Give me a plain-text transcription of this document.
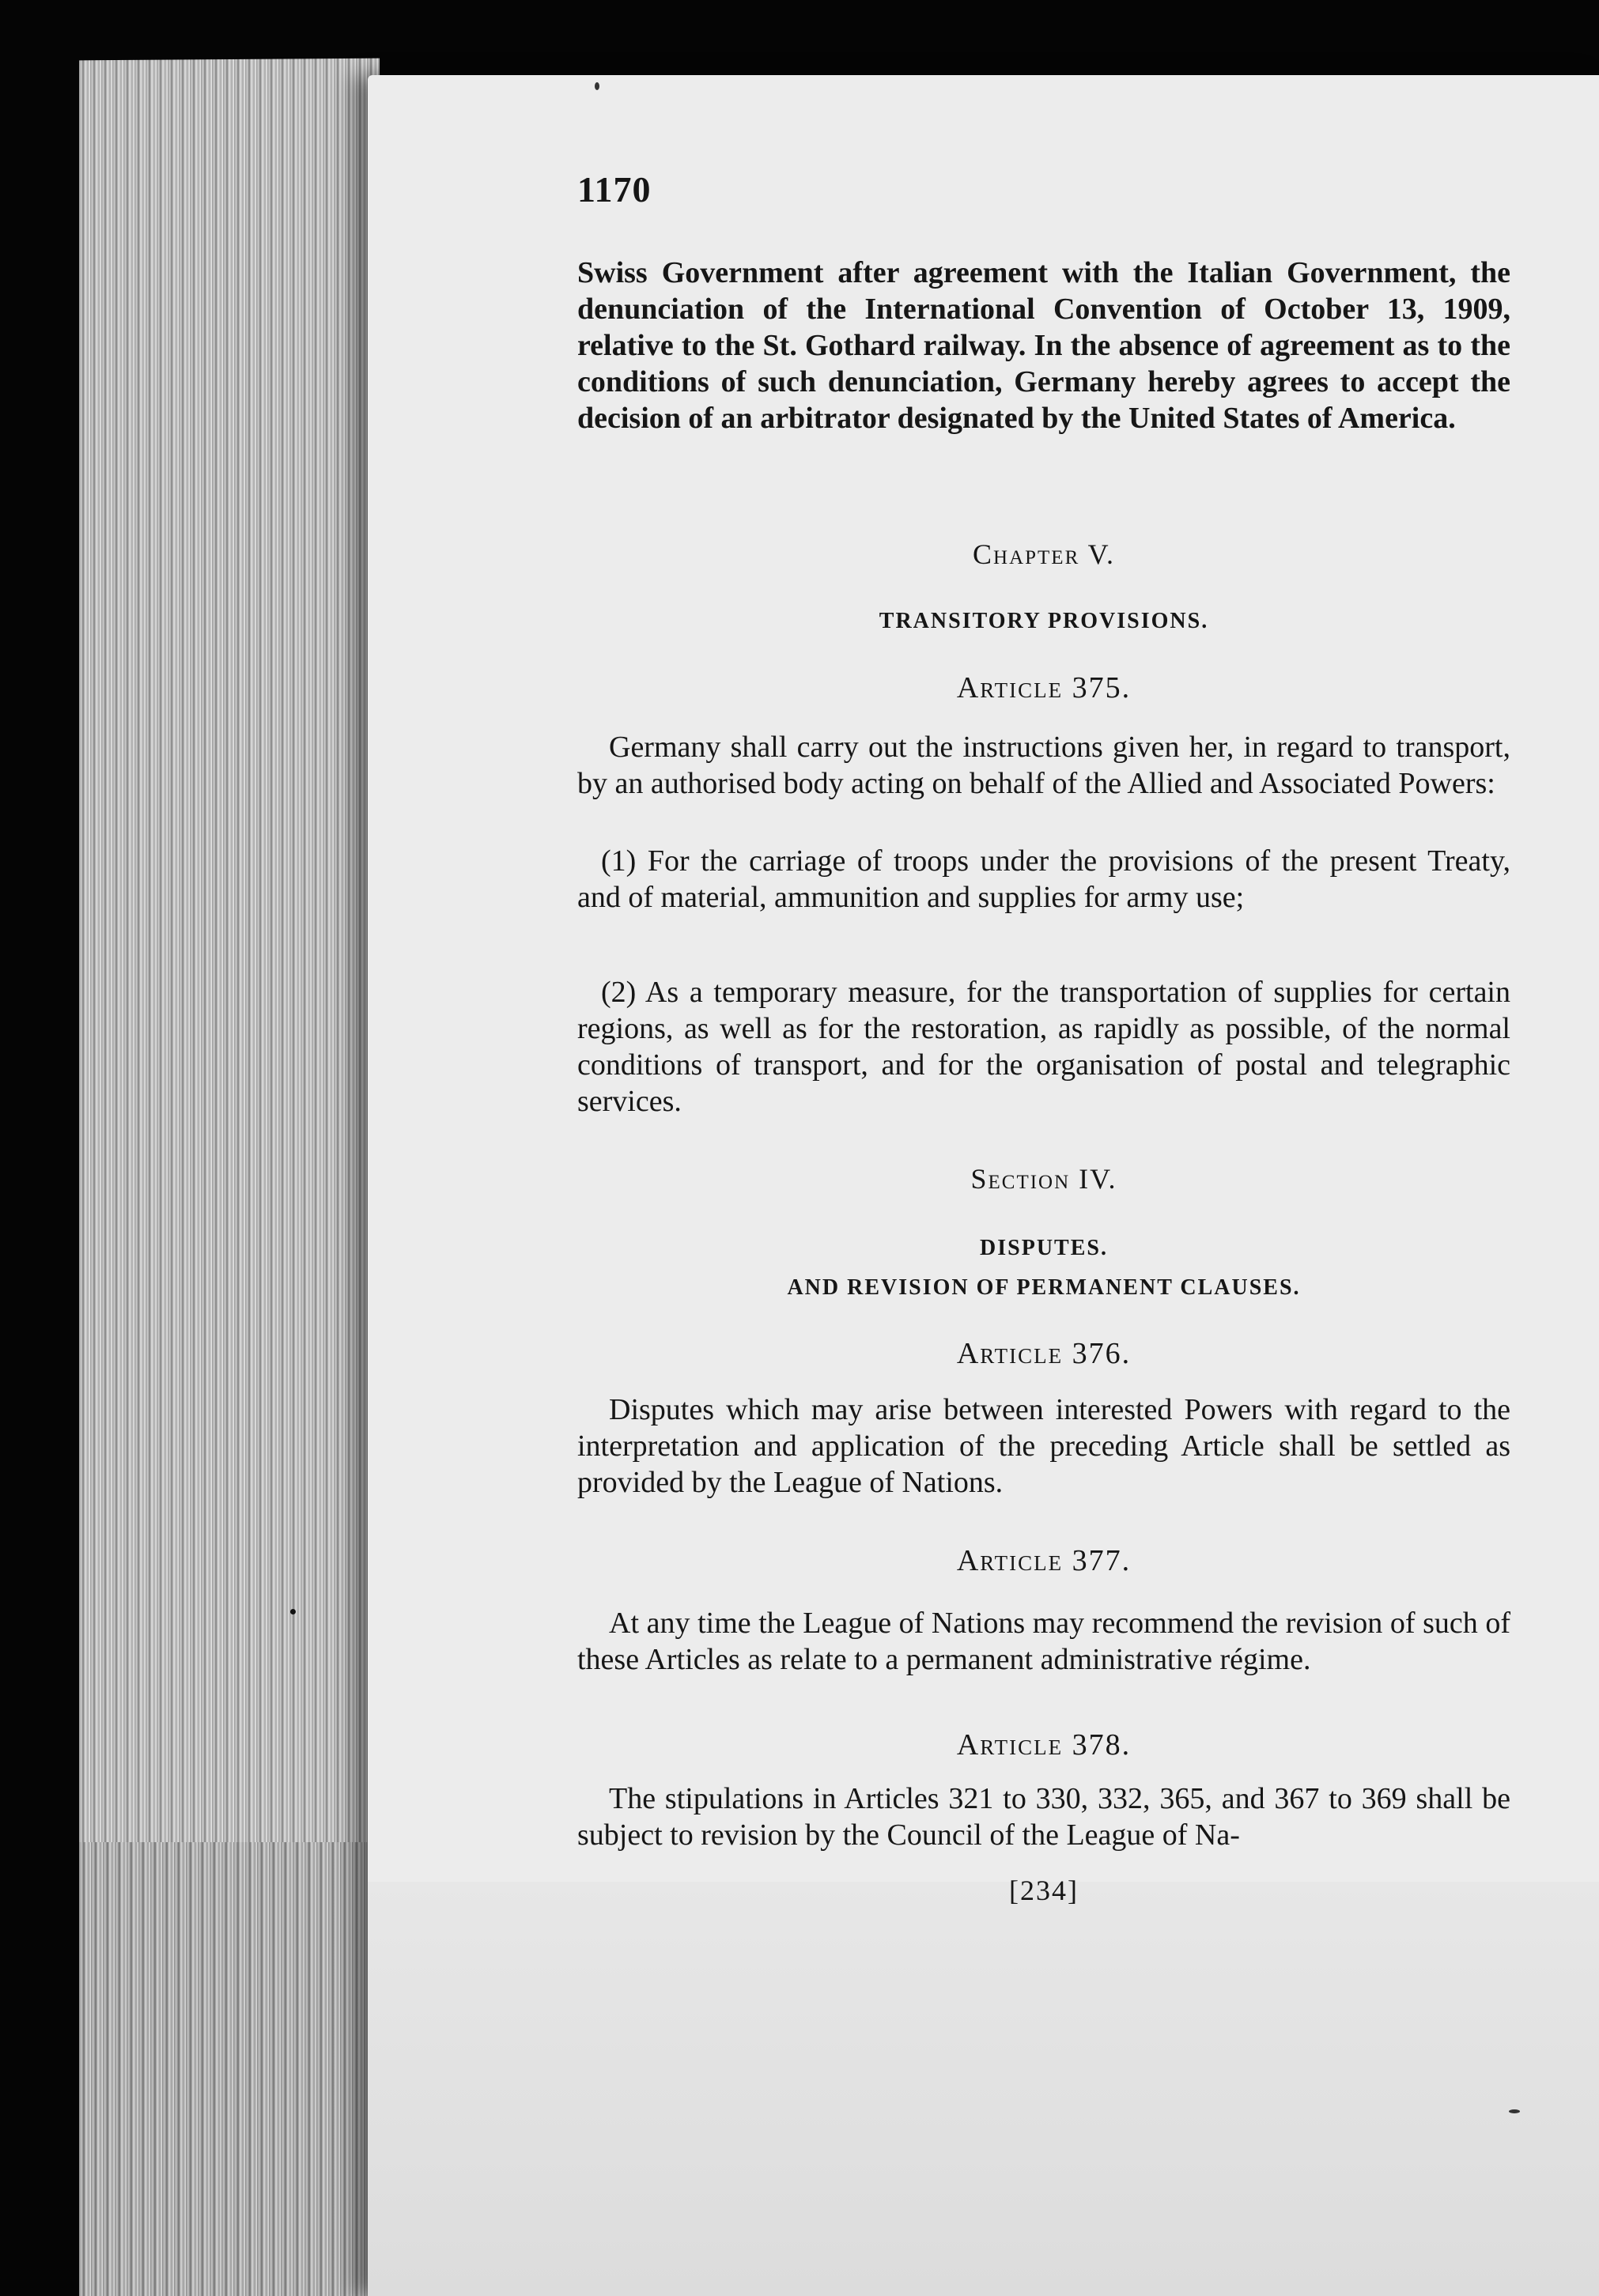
1170
Swiss Government after agreement with the Italian Government, the denunciation of the International Convention of October 13, 1909, relative to the St. Gothard railway. In the absence of agreement as to the conditions of such denunciation, Germany hereby agrees to accept the decision of an arbitrator designated by the United States of America.
Chapter V.
TRANSITORY PROVISIONS.
Article 375.
Germany shall carry out the instructions given her, in regard to transport, by an authorised body acting on behalf of the Allied and Associated Powers:
(1) For the carriage of troops under the provisions of the present Treaty, and of material, ammunition and supplies for army use;
(2) As a temporary measure, for the transportation of supplies for certain regions, as well as for the restoration, as rapidly as possible, of the normal conditions of transport, and for the organisation of postal and telegraphic services.
Section IV.
DISPUTES.
AND REVISION OF PERMANENT CLAUSES.
Article 376.
Disputes which may arise between interested Powers with regard to the interpretation and application of the preceding Article shall be settled as provided by the League of Nations.
Article 377.
At any time the League of Nations may recommend the revision of such of these Articles as relate to a permanent administrative régime.
Article 378.
The stipulations in Articles 321 to 330, 332, 365, and 367 to 369 shall be subject to revision by the Council of the League of Na-
[234]
